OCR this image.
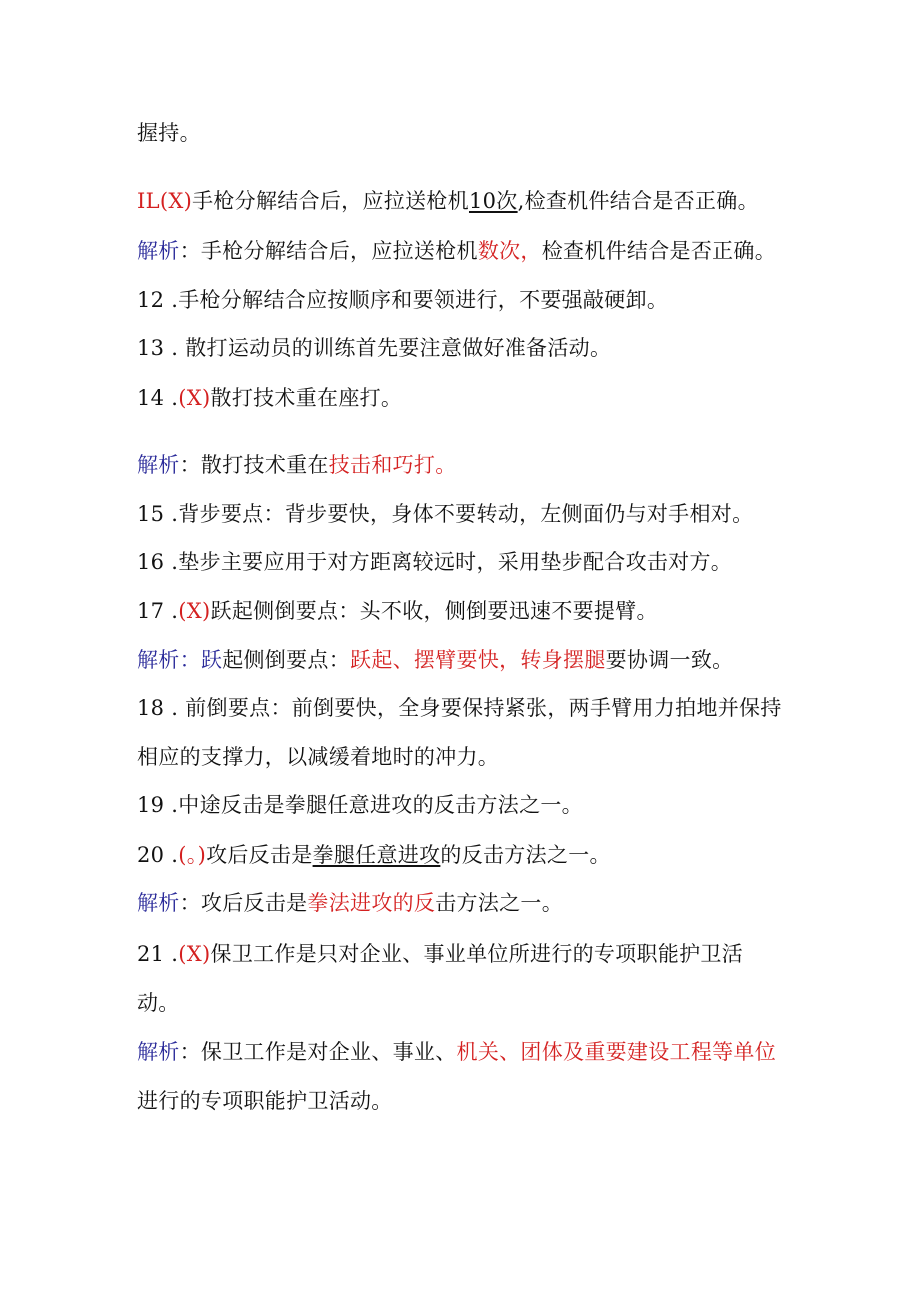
握持。
IL(X)手枪分解结合后，应拉送枪机10次,检查机件结合是否正确。
解析：手枪分解结合后，应拉送枪机数次，检查机件结合是否正确。
12 .手枪分解结合应按顺序和要领进行，不要强敲硬卸。
13 . 散打运动员的训练首先要注意做好准备活动。
14 .(X)散打技术重在座打。
解析：散打技术重在技击和巧打。
15 .背步要点：背步要快，身体不要转动，左侧面仍与对手相对。
16 .垫步主要应用于对方距离较远时，采用垫步配合攻击对方。
17 .(X)跃起侧倒要点：头不收，侧倒要迅速不要提臂。
解析：跃起侧倒要点：跃起、摆臂要快，转身摆腿要协调一致。
18 . 前倒要点：前倒要快，全身要保持紧张，两手臂用力拍地并保持
相应的支撑力，以减缓着地时的冲力。
19 .中途反击是拳腿任意进攻的反击方法之一。
20 .(。)攻后反击是拳腿任意进攻的反击方法之一。
解析：攻后反击是拳法进攻的反击方法之一。
21 .(X)保卫工作是只对企业、事业单位所进行的专项职能护卫活
动。
解析：保卫工作是对企业、事业、机关、团体及重要建设工程等单位
进行的专项职能护卫活动。
